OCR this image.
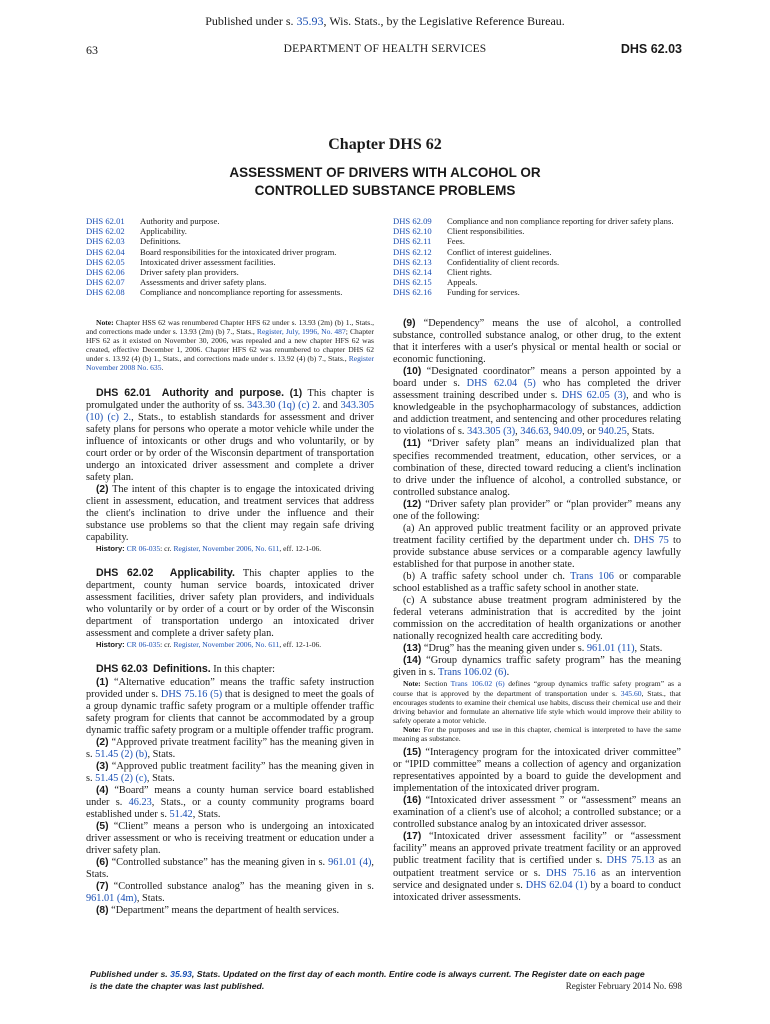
Published under s. 35.93, Wis. Stats., by the Legislative Reference Bureau.
63	DEPARTMENT OF HEALTH SERVICES	DHS 62.03
Chapter DHS 62
ASSESSMENT OF DRIVERS WITH ALCOHOL OR
CONTROLLED SUBSTANCE PROBLEMS
DHS 62.01	Authority and purpose.
DHS 62.02	Applicability.
DHS 62.03	Definitions.
DHS 62.04	Board responsibilities for the intoxicated driver program.
DHS 62.05	Intoxicated driver assessment facilities.
DHS 62.06	Driver safety plan providers.
DHS 62.07	Assessments and driver safety plans.
DHS 62.08	Compliance and noncompliance reporting for assessments.
DHS 62.09	Compliance and non compliance reporting for driver safety plans.
DHS 62.10	Client responsibilities.
DHS 62.11	Fees.
DHS 62.12	Conflict of interest guidelines.
DHS 62.13	Confidentiality of client records.
DHS 62.14	Client rights.
DHS 62.15	Appeals.
DHS 62.16	Funding for services.

Note: Chapter HSS 62 was renumbered Chapter HFS 62 under s. 13.93 (2m) (b) 1., Stats., and corrections made under s. 13.93 (2m) (b) 7., Stats., Register, July, 1996, No. 487; Chapter HFS 62 as it existed on November 30, 2006, was repealed and a new chapter HFS 62 was created, effective December 1, 2006. Chapter HFS 62 was renumbered to chapter DHS 62 under s. 13.92 (4) (b) 1., Stats., and corrections made under s. 13.92 (4) (b) 7., Stats., Register November 2008 No. 635.

DHS 62.01 Authority and purpose. (1) This chapter is promulgated under the authority of ss. 343.30 (1q) (c) 2. and 343.305 (10) (c) 2., Stats., to establish standards for assessment and driver safety plans for persons who operate a motor vehicle while under the influence of intoxicants or other drugs and who voluntarily, or by court order or by order of the Wisconsin department of transportation undergo an intoxicated driver assessment and complete a driver safety plan.

(2) The intent of this chapter is to engage the intoxicated driving client in assessment, education, and treatment services that address the client's inclination to drive under the influence and their substance use problems so that the client may regain safe driving capability.

History: CR 06-035: cr. Register, November 2006, No. 611, eff. 12-1-06.

DHS 62.02 Applicability. This chapter applies to the department, county human service boards, intoxicated driver assessment facilities, driver safety plan providers, and individuals who voluntarily or by order of a court or by order of the Wisconsin department of transportation undergo an intoxicated driver assessment and complete a driver safety plan.

History: CR 06-035: cr. Register, November 2006, No. 611, eff. 12-1-06.

DHS 62.03 Definitions. In this chapter:

(1) “Alternative education” means the traffic safety instruction provided under s. DHS 75.16 (5) that is designed to meet the goals of a group dynamic traffic safety program or a multiple offender traffic safety program for clients that cannot be accommodated by a group dynamic traffic safety program or a multiple offender traffic program.

(2) “Approved private treatment facility” has the meaning given in s. 51.45 (2) (b), Stats.

(3) “Approved public treatment facility” has the meaning given in s. 51.45 (2) (c), Stats.

(4) “Board” means a county human service board established under s. 46.23, Stats., or a county community programs board established under s. 51.42, Stats.

(5) “Client” means a person who is undergoing an intoxicated driver assessment or who is receiving treatment or education under a driver safety plan.

(6) “Controlled substance” has the meaning given in s. 961.01 (4), Stats.

(7) “Controlled substance analog” has the meaning given in s. 961.01 (4m), Stats.

(8) “Department” means the department of health services.

(9) “Dependency” means the use of alcohol, a controlled substance, controlled substance analog, or other drug, to the extent that it interferes with a user's physical or mental health or social or economic functioning.

(10) “Designated coordinator” means a person appointed by a board under s. DHS 62.04 (5) who has completed the driver assessment training described under s. DHS 62.05 (3), and who is knowledgeable in the psychopharmacology of substances, addiction and addiction treatment, and sentencing and other procedures relating to violations of s. 343.305 (3), 346.63, 940.09, or 940.25, Stats.

(11) “Driver safety plan” means an individualized plan that specifies recommended treatment, education, other services, or a combination of these, directed toward reducing a client's inclination to drive under the influence of alcohol, a controlled substance, or controlled substance analog.

(12) “Driver safety plan provider” or “plan provider” means any one of the following:

(a) An approved public treatment facility or an approved private treatment facility certified by the department under ch. DHS 75 to provide substance abuse services or a comparable agency lawfully established for that purpose in another state.

(b) A traffic safety school under ch. Trans 106 or comparable school established as a traffic safety school in another state.

(c) A substance abuse treatment program administered by the federal veterans administration that is accredited by the joint commission on the accreditation of health organizations or another nationally recognized health care accrediting body.

(13) “Drug” has the meaning given under s. 961.01 (11), Stats.

(14) “Group dynamics traffic safety program” has the meaning given in s. Trans 106.02 (6).

Note: Section Trans 106.02 (6) defines “group dynamics traffic safety program” as a course that is approved by the department of transportation under s. 345.60, Stats., that encourages students to examine their chemical use habits, discuss their chemical use and their driving behavior and formulate an alternative life style which would improve their ability to safely operate a motor vehicle.

Note: For the purposes and use in this chapter, chemical is interpreted to have the same meaning as substance.

(15) “Interagency program for the intoxicated driver committee” or “IPID committee” means a collection of agency and organization representatives appointed by a board to guide the development and implementation of the intoxicated driver program.

(16) “Intoxicated driver assessment ” or “assessment” means an examination of a client's use of alcohol; a controlled substance; or a controlled substance analog by an intoxicated driver assessor.

(17) “Intoxicated driver assessment facility” or “assessment facility” means an approved private treatment facility or an approved public treatment facility that is certified under s. DHS 75.13 as an outpatient treatment service or s. DHS 75.16 as an intervention service and designated under s. DHS 62.04 (1) by a board to conduct intoxicated driver assessments.

Published under s. 35.93, Stats. Updated on the first day of each month. Entire code is always current. The Register date on each page
is the date the chapter was last published.	Register February 2014 No. 698
